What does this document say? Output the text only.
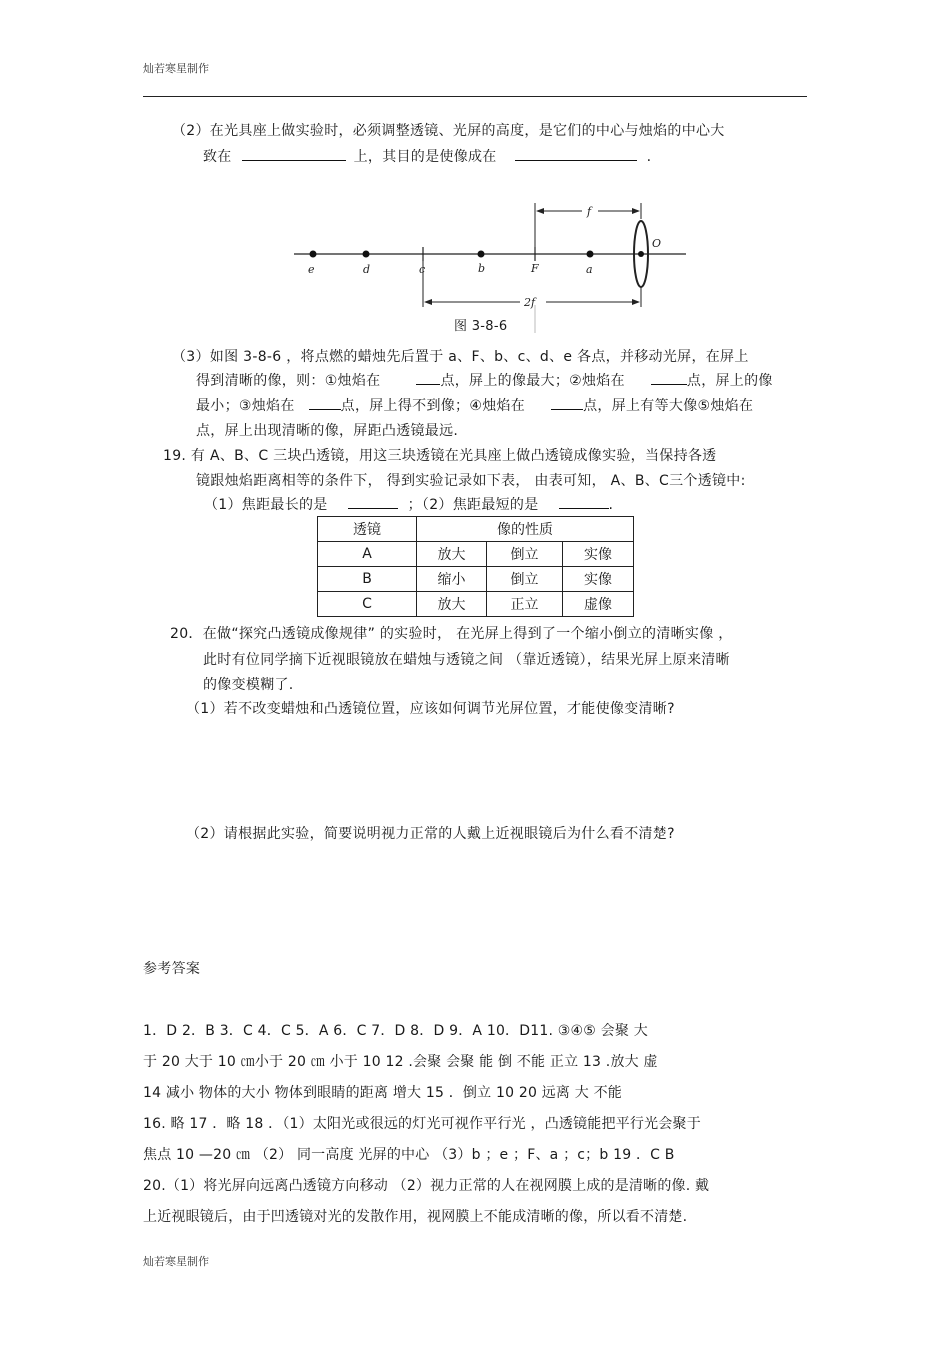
灿若寒星制作
（2）在光具座上做实验时，必须调整透镜、光屏的高度，是它们的中心与烛焰的中心大
致在	上，其目的是使像成在	.
e	d	c	b	F	a
O
f
2f
图 3-8-6
（3）如图 3-8-6 ，将点燃的蜡烛先后置于 a、F、b、c、d、e 各点，并移动光屏，在屏上
得到清晰的像，则：①烛焰在	点，屏上的像最大；②烛焰在	点，屏上的像
最小；③烛焰在	点，屏上得不到像；④烛焰在	点，屏上有等大像⑤烛焰在
点，屏上出现清晰的像，屏距凸透镜最远.
19. 有 A、B、C 三块凸透镜，用这三块透镜在光具座上做凸透镜成像实验，当保持各透
镜跟烛焰距离相等的条件下， 得到实验记录如下表， 由表可知， A、B、C三个透镜中:
（1）焦距最长的是	；（2）焦距最短的是	.
透镜	像的性质		
A	放大	倒立	实像
B	缩小	倒立	实像
C	放大	正立	虚像
20．在做“探究凸透镜成像规律” 的实验时， 在光屏上得到了一个缩小倒立的清晰实像 ，
此时有位同学摘下近视眼镜放在蜡烛与透镜之间 （靠近透镜），结果光屏上原来清晰
的像变模糊了.
（1）若不改变蜡烛和凸透镜位置，应该如何调节光屏位置，才能使像变清晰?
（2）请根据此实验，简要说明视力正常的人戴上近视眼镜后为什么看不清楚?
参考答案
1．D 2．B 3．C 4．C 5．A 6．C 7．D 8．D 9．A 10．D11. ③④⑤ 会聚 大
于 20 大于 10 ㎝小于 20 ㎝ 小于 10 12 .会聚 会聚 能 倒 不能 正立 13 .放大 虚
14 减小 物体的大小 物体到眼睛的距离 增大 15 ．倒立 10 20 远离 大 不能
16. 略 17 ．略 18 ．（1）太阳光或很远的灯光可视作平行光 ，凸透镜能把平行光会聚于
焦点 10 —20 ㎝ （2） 同一高度 光屏的中心 （3）b ；e ；F、a ；c；b 19 ．C B
20.（1）将光屏向远离凸透镜方向移动 （2）视力正常的人在视网膜上成的是清晰的像. 戴
上近视眼镜后，由于凹透镜对光的发散作用，视网膜上不能成清晰的像，所以看不清楚.
灿若寒星制作
